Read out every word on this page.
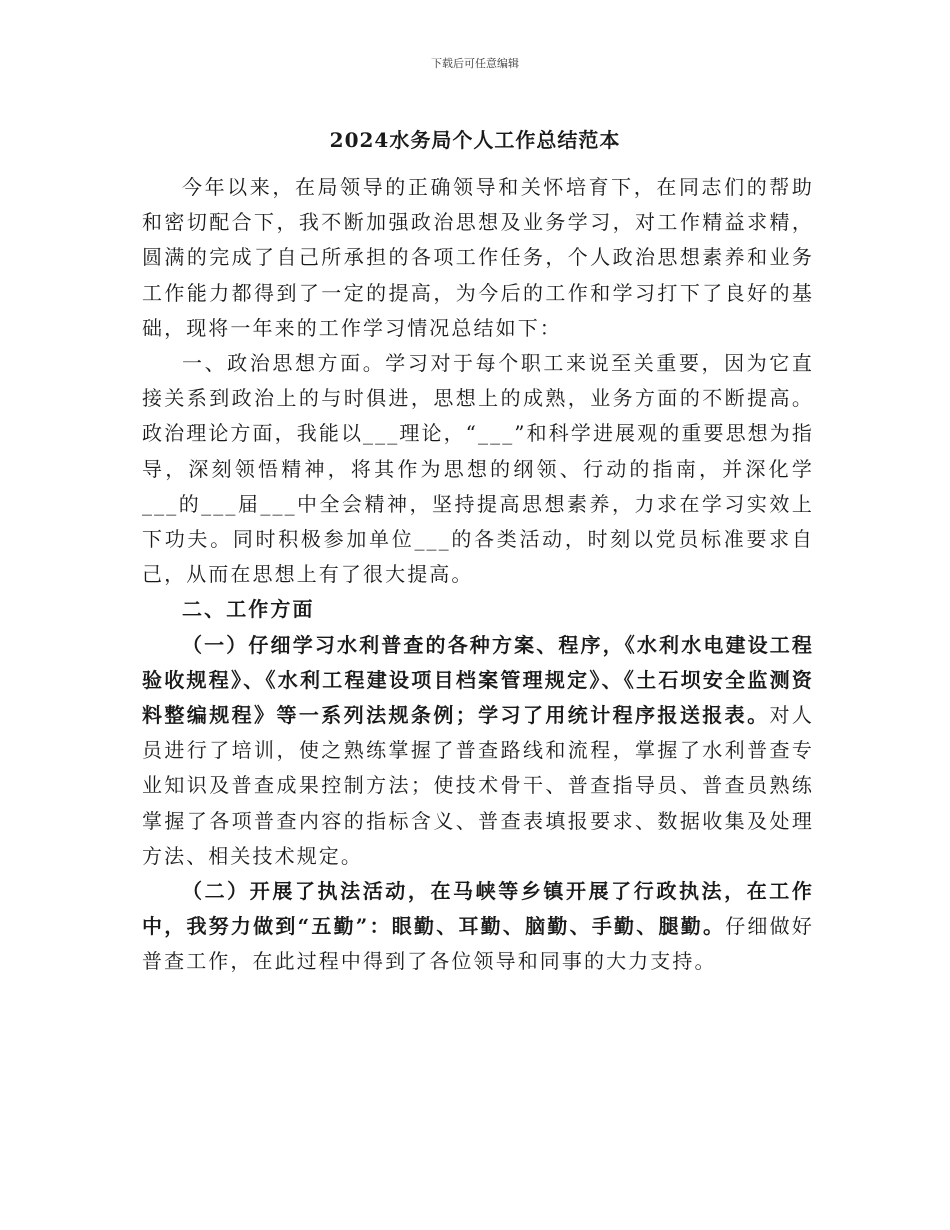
下载后可任意编辑
2024水务局个人工作总结范本

今年以来，在局领导的正确领导和关怀培育下，在同志们的帮助和密切配合下，我不断加强政治思想及业务学习，对工作精益求精，圆满的完成了自己所承担的各项工作任务，个人政治思想素养和业务工作能力都得到了一定的提高，为今后的工作和学习打下了良好的基础，现将一年来的工作学习情况总结如下：

一、政治思想方面。学习对于每个职工来说至关重要，因为它直接关系到政治上的与时俱进，思想上的成熟，业务方面的不断提高。政治理论方面，我能以___理论，“___”和科学进展观的重要思想为指导，深刻领悟精神，将其作为思想的纲领、行动的指南，并深化学___的___届___中全会精神，坚持提高思想素养，力求在学习实效上下功夫。同时积极参加单位___的各类活动，时刻以党员标准要求自己，从而在思想上有了很大提高。

二、工作方面

（一）仔细学习水利普查的各种方案、程序，《水利水电建设工程验收规程》、《水利工程建设项目档案管理规定》、《土石坝安全监测资料整编规程》等一系列法规条例；学习了用统计程序报送报表。对人员进行了培训，使之熟练掌握了普查路线和流程，掌握了水利普查专业知识及普查成果控制方法；使技术骨干、普查指导员、普查员熟练掌握了各项普查内容的指标含义、普查表填报要求、数据收集及处理方法、相关技术规定。

（二）开展了执法活动，在马峡等乡镇开展了行政执法，在工作中，我努力做到“五勤”：眼勤、耳勤、脑勤、手勤、腿勤。仔细做好普查工作，在此过程中得到了各位领导和同事的大力支持。
